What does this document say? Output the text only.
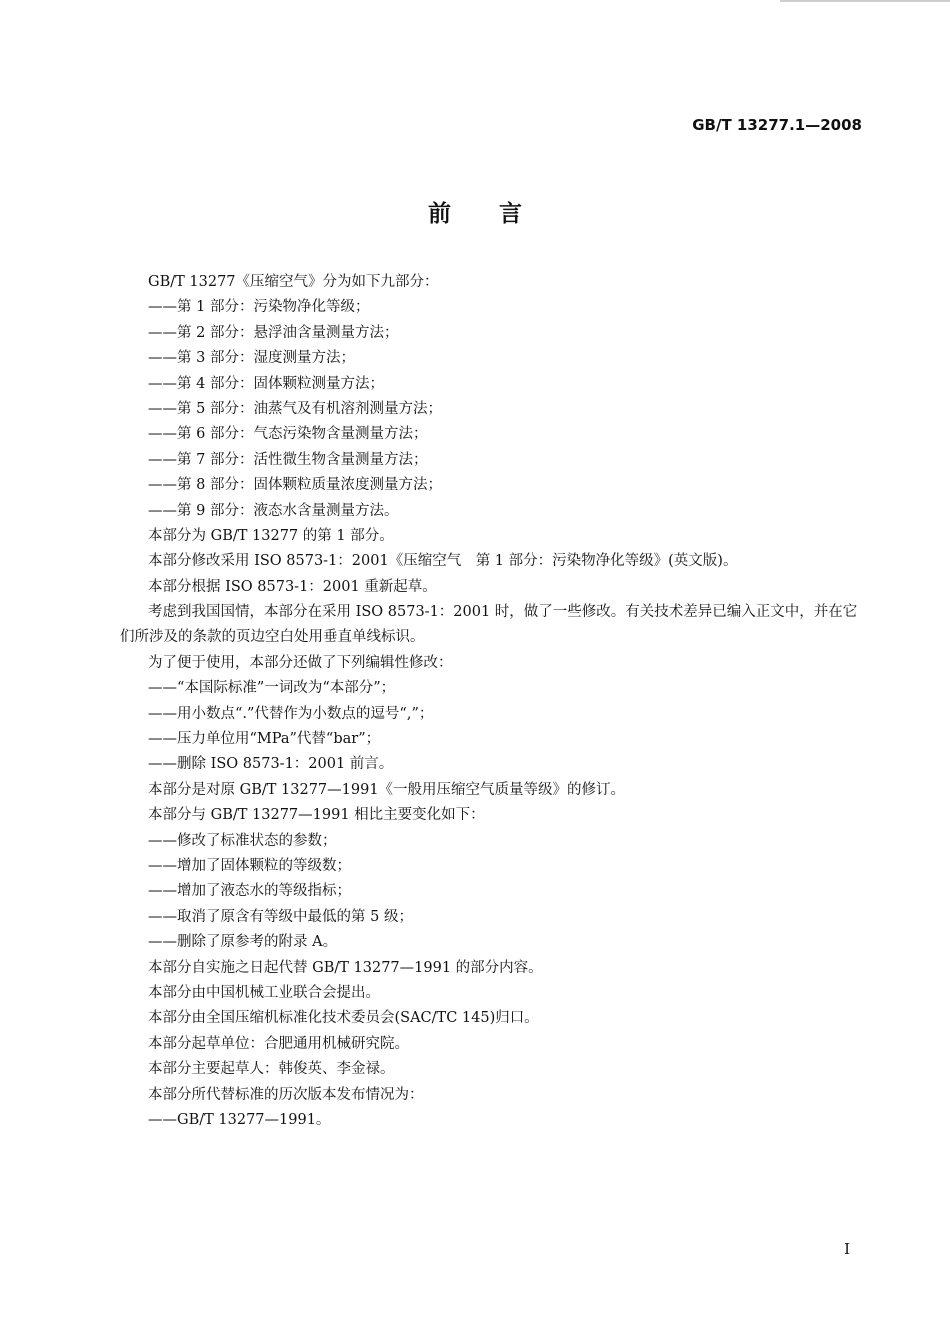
GB/T 13277.1—2008
前言
GB/T 13277《压缩空气》分为如下九部分：
——第 1 部分：污染物净化等级；
——第 2 部分：悬浮油含量测量方法；
——第 3 部分：湿度测量方法；
——第 4 部分：固体颗粒测量方法；
——第 5 部分：油蒸气及有机溶剂测量方法；
——第 6 部分：气态污染物含量测量方法；
——第 7 部分：活性微生物含量测量方法；
——第 8 部分：固体颗粒质量浓度测量方法；
——第 9 部分：液态水含量测量方法。
本部分为 GB/T 13277 的第 1 部分。
本部分修改采用 ISO 8573-1：2001《压缩空气　第 1 部分：污染物净化等级》(英文版)。
本部分根据 ISO 8573-1：2001 重新起草。
考虑到我国国情，本部分在采用 ISO 8573-1：2001 时，做了一些修改。有关技术差异已编入正文中，并在它们所涉及的条款的页边空白处用垂直单线标识。
为了便于使用，本部分还做了下列编辑性修改：
——“本国际标准”一词改为“本部分”；
——用小数点“.”代替作为小数点的逗号“,”；
——压力单位用“MPa”代替“bar”；
——删除 ISO 8573-1：2001 前言。
本部分是对原 GB/T 13277—1991《一般用压缩空气质量等级》的修订。
本部分与 GB/T 13277—1991 相比主要变化如下：
——修改了标准状态的参数；
——增加了固体颗粒的等级数；
——增加了液态水的等级指标；
——取消了原含有等级中最低的第 5 级；
——删除了原参考的附录 A。
本部分自实施之日起代替 GB/T 13277—1991 的部分内容。
本部分由中国机械工业联合会提出。
本部分由全国压缩机标准化技术委员会(SAC/TC 145)归口。
本部分起草单位：合肥通用机械研究院。
本部分主要起草人：韩俊英、李金禄。
本部分所代替标准的历次版本发布情况为：
——GB/T 13277—1991。
I
